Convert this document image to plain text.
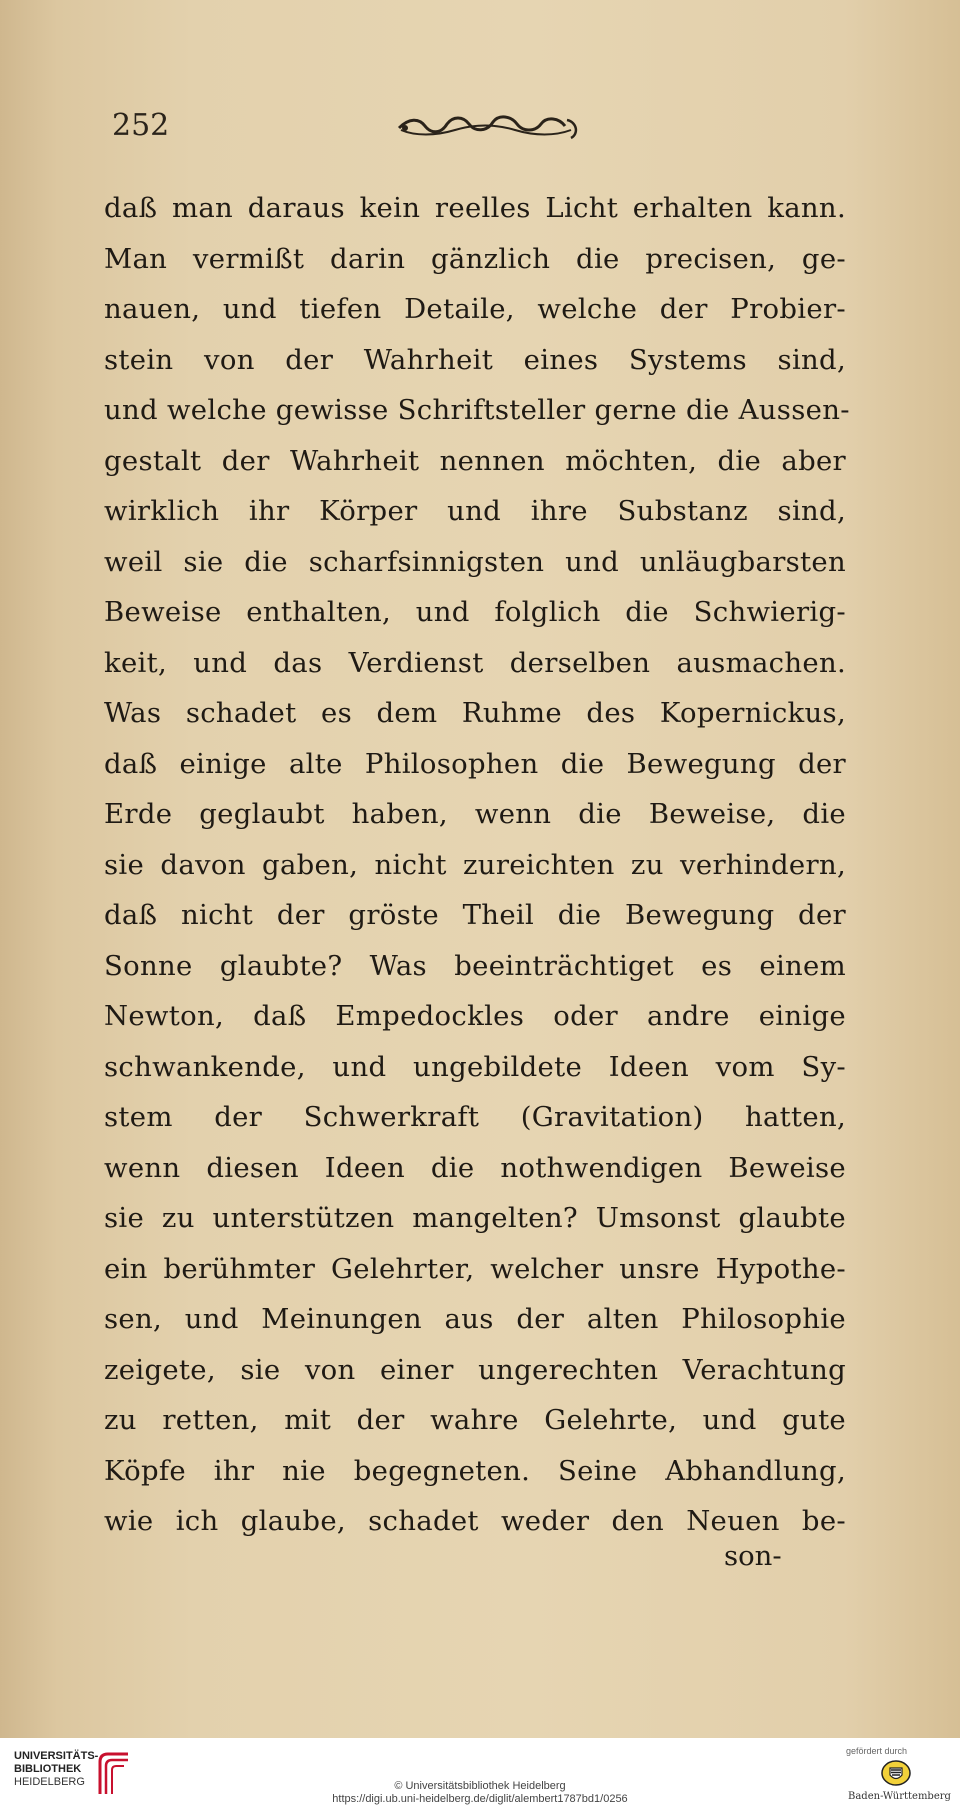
252
daß man daraus kein reelles Licht erhalten kann.
Man vermißt darin gänzlich die precisen, ge-
nauen, und tiefen Detaile, welche der Probier-
stein von der Wahrheit eines Systems sind,
und welche gewisse Schriftsteller gerne die Aussen-
gestalt der Wahrheit nennen möchten, die aber
wirklich ihr Körper und ihre Substanz sind,
weil sie die scharfsinnigsten und unläugbarsten
Beweise enthalten, und folglich die Schwierig-
keit, und das Verdienst derselben ausmachen.
Was schadet es dem Ruhme des Kopernickus,
daß einige alte Philosophen die Bewegung der
Erde geglaubt haben, wenn die Beweise, die
sie davon gaben, nicht zureichten zu verhindern,
daß nicht der gröste Theil die Bewegung der
Sonne glaubte? Was beeinträchtiget es einem
Newton, daß Empedockles oder andre einige
schwankende, und ungebildete Ideen vom Sy-
stem der Schwerkraft (Gravitation) hatten,
wenn diesen Ideen die nothwendigen Beweise
sie zu unterstützen mangelten? Umsonst glaubte
ein berühmter Gelehrter, welcher unsre Hypothe-
sen, und Meinungen aus der alten Philosophie
zeigete, sie von einer ungerechten Verachtung
zu retten, mit der wahre Gelehrte, und gute
Köpfe ihr nie begegneten. Seine Abhandlung,
wie ich glaube, schadet weder den Neuen be-
son-
UNIVERSITÄTS-
BIBLIOTHEK
HEIDELBERG	© Universitätsbibliothek Heidelberg
https://digi.ub.uni-heidelberg.de/diglit/alembert1787bd1/0256
gefördert durch
Baden-Württemberg
